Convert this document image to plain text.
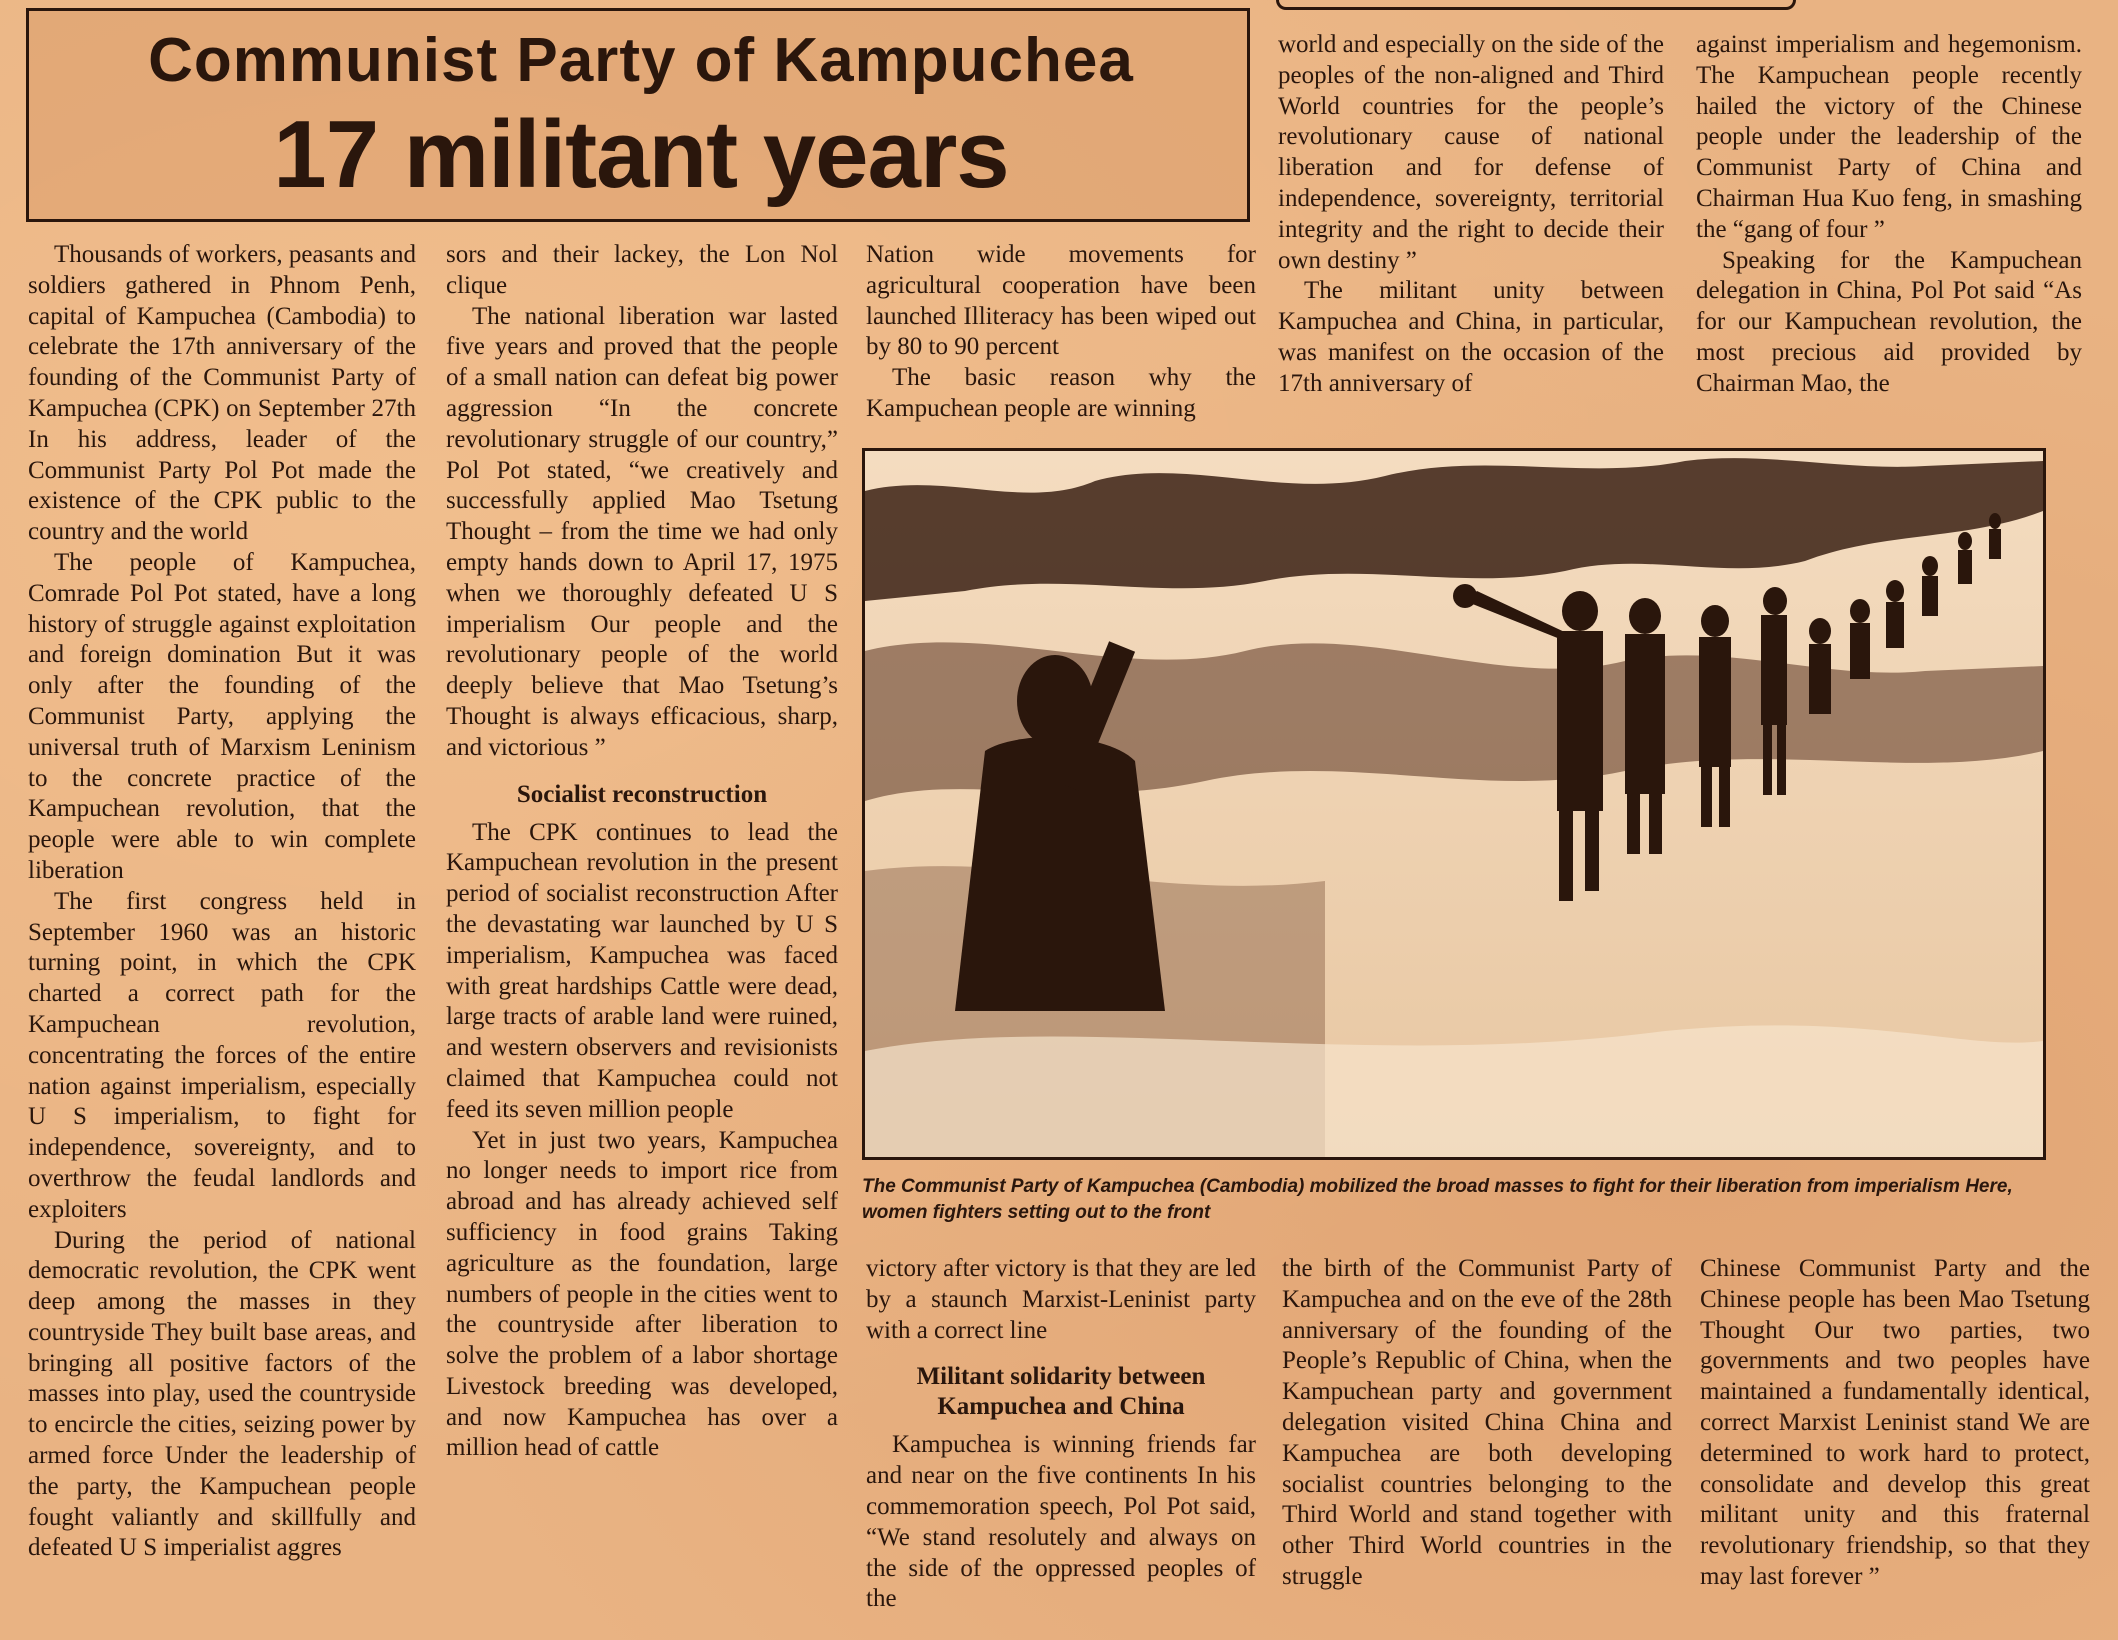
Communist Party of Kampuchea
17 militant years

Thousands of workers, peasants and soldiers gathered in Phnom Penh, capital of Kampuchea (Cambodia) to celebrate the 17th anniversary of the founding of the Communist Party of Kampuchea (CPK) on September 27th In his address, leader of the Communist Party Pol Pot made the existence of the CPK public to the country and the world

The people of Kampuchea, Comrade Pol Pot stated, have a long history of struggle against exploitation and foreign domination But it was only after the founding of the Communist Party, applying the universal truth of Marxism Leninism to the concrete practice of the Kampuchean revolution, that the people were able to win complete liberation

The first congress held in September 1960 was an historic turning point, in which the CPK charted a correct path for the Kampuchean revolution, concentrating the forces of the entire nation against imperialism, especially U S imperialism, to fight for independence, sovereignty, and to overthrow the feudal landlords and exploiters

During the period of national democratic revolution, the CPK went deep among the masses in they countryside They built base areas, and bringing all positive factors of the masses into play, used the countryside to encircle the cities, seizing power by armed force Under the leadership of the party, the Kampuchean people fought valiantly and skillfully and defeated U S imperialist aggres

sors and their lackey, the Lon Nol clique

The national liberation war lasted five years and proved that the people of a small nation can defeat big power aggression “In the concrete revolutionary struggle of our country,” Pol Pot stated, “we creatively and successfully applied Mao Tsetung Thought – from the time we had only empty hands down to April 17, 1975 when we thoroughly defeated U S imperialism Our people and the revolutionary people of the world deeply believe that Mao Tsetung’s Thought is always efficacious, sharp, and victorious ”

Socialist reconstruction

The CPK continues to lead the Kampuchean revolution in the present period of socialist reconstruction After the devastating war launched by U S imperialism, Kampuchea was faced with great hardships Cattle were dead, large tracts of arable land were ruined, and western observers and revisionists claimed that Kampuchea could not feed its seven million people

Yet in just two years, Kampuchea no longer needs to import rice from abroad and has already achieved self sufficiency in food grains Taking agriculture as the foundation, large numbers of people in the cities went to the countryside after liberation to solve the problem of a labor shortage Livestock breeding was developed, and now Kampuchea has over a million head of cattle

Nation wide movements for agricultural cooperation have been launched Illiteracy has been wiped out by 80 to 90 percent

The basic reason why the Kampuchean people are winning

world and especially on the side of the peoples of the non-aligned and Third World countries for the people’s revolutionary cause of national liberation and for defense of independence, sovereignty, territorial integrity and the right to decide their own destiny ”

The militant unity between Kampuchea and China, in particular, was manifest on the occasion of the 17th anniversary of

against imperialism and hegemonism. The Kampuchean people recently hailed the victory of the Chinese people under the leadership of the Communist Party of China and Chairman Hua Kuo feng, in smashing the “gang of four ”

Speaking for the Kampuchean delegation in China, Pol Pot said “As for our Kampuchean revolution, the most precious aid provided by Chairman Mao, the

The Communist Party of Kampuchea (Cambodia) mobilized the broad masses to fight for their liberation from imperialism Here, women fighters setting out to the front

victory after victory is that they are led by a staunch Marxist-Leninist party with a correct line

Militant solidarity between Kampuchea and China

Kampuchea is winning friends far and near on the five continents In his commemoration speech, Pol Pot said, “We stand resolutely and always on the side of the oppressed peoples of the

the birth of the Communist Party of Kampuchea and on the eve of the 28th anniversary of the founding of the People’s Republic of China, when the Kampuchean party and government delegation visited China China and Kampuchea are both developing socialist countries belonging to the Third World and stand together with other Third World countries in the struggle

Chinese Communist Party and the Chinese people has been Mao Tsetung Thought Our two parties, two governments and two peoples have maintained a fundamentally identical, correct Marxist Leninist stand We are determined to work hard to protect, consolidate and develop this great militant unity and this fraternal revolutionary friendship, so that they may last forever ”
